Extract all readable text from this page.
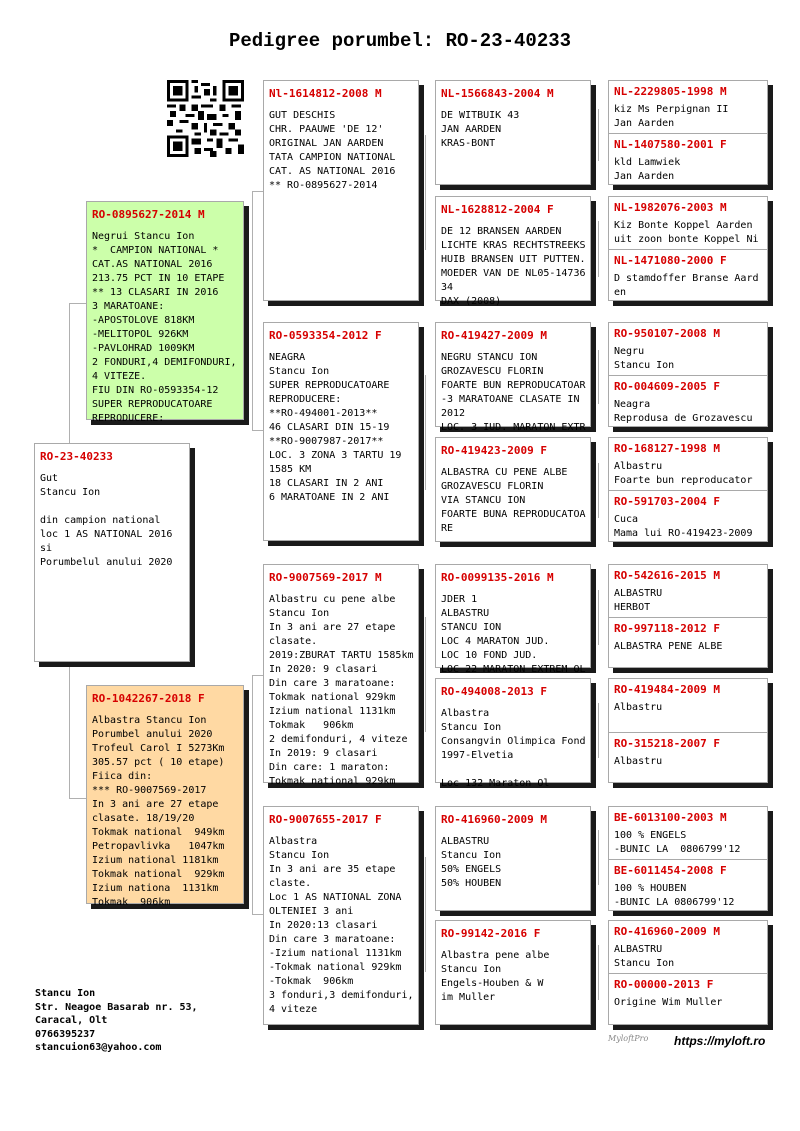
Pedigree porumbel: RO-23-40233
RO-23-40233
Gut
Stancu Ion

din campion national
loc 1 AS NATIONAL 2016
si
Porumbelul anului 2020
RO-0895627-2014 M
Negrui Stancu Ion
*  CAMPION NATIONAL *
CAT.AS NATIONAL 2016
213.75 PCT IN 10 ETAPE
** 13 CLASARI IN 2016
3 MARATOANE:
-APOSTOLOVE 818KM
-MELITOPOL 926KM
-PAVLOHRAD 1009KM
2 FONDURI,4 DEMIFONDURI,
4 VITEZE.
FIU DIN RO-0593354-12
SUPER REPRODUCATOARE
REPRODUCERE:
RO-1042267-2018 F
Albastra Stancu Ion
Porumbel anului 2020
Trofeul Carol I 5273Km
305.57 pct ( 10 etape)
Fiica din:
*** RO-9007569-2017
In 3 ani are 27 etape
clasate. 18/19/20
Tokmak national  949km
Petropavlivka   1047km
Izium national 1181km
Tokmak national  929km
Izium nationa  1131km
Tokmak  906km
Nl-1614812-2008 M
GUT DESCHIS
CHR. PAAUWE 'DE 12'
ORIGINAL JAN AARDEN
TATA CAMPION NATIONAL
CAT. AS NATIONAL 2016
** RO-0895627-2014
RO-0593354-2012 F
NEAGRA
Stancu Ion
SUPER REPRODUCATOARE
REPRODUCERE:
**RO-494001-2013**
46 CLASARI DIN 15-19
**RO-9007987-2017**
LOC. 3 ZONA 3 TARTU 19
1585 KM
18 CLASARI IN 2 ANI
6 MARATOANE IN 2 ANI
RO-9007569-2017 M
Albastru cu pene albe
Stancu Ion
In 3 ani are 27 etape
clasate.
2019:ZBURAT TARTU 1585km
In 2020: 9 clasari
Din care 3 maratoane:
Tokmak national 929km
Izium national 1131km
Tokmak   906km
2 demifonduri, 4 viteze
In 2019: 9 clasari
Din care: 1 maraton:
Tokmak national 929km
RO-9007655-2017 F
Albastra
Stancu Ion
In 3 ani are 35 etape
claste.
Loc 1 AS NATIONAL ZONA
OLTENIEI 3 ani
In 2020:13 clasari
Din care 3 maratoane:
-Izium national 1131km
-Tokmak national 929km
-Tokmak  906km
3 fonduri,3 demifonduri,
4 viteze
NL-1566843-2004 M
DE WITBUIK 43
JAN AARDEN
KRAS-BONT
NL-1628812-2004 F
DE 12 BRANSEN AARDEN
LICHTE KRAS RECHTSTREEKS
HUIB BRANSEN UIT PUTTEN.
MOEDER VAN DE NL05-14736
34
DAX (2008)
RO-419427-2009 M
NEGRU STANCU ION
GROZAVESCU FLORIN
FOARTE BUN REPRODUCATOAR
-3 MARATOANE CLASATE IN
2012
LOC. 3 IUD. MARATON EXTR
RO-419423-2009 F
ALBASTRA CU PENE ALBE
GROZAVESCU FLORIN
VIA STANCU ION
FOARTE BUNA REPRODUCATOA
RE
RO-0099135-2016 M
JDER 1
ALBASTRU
STANCU ION
LOC 4 MARATON JUD.
LOC 10 FOND JUD.
LOC 22 MARATON EXTREM OL
RO-494008-2013 F
Albastra
Stancu Ion
Consangvin Olimpica Fond
1997-Elvetia

Loc 132 Maraton Ol
RO-416960-2009 M
ALBASTRU
Stancu Ion
50% ENGELS
50% HOUBEN
RO-99142-2016 F
Albastra pene albe
Stancu Ion
Engels-Houben & W
im Muller
NL-2229805-1998 M
kiz Ms Perpignan II
Jan Aarden
NL-1407580-2001 F
kld Lamwiek
Jan Aarden
NL-1982076-2003 M
Kiz Bonte Koppel Aarden
uit zoon bonte Koppel Ni
NL-1471080-2000 F
D stamdoffer Branse Aard
en
RO-950107-2008 M
Negru
Stancu Ion
RO-004609-2005 F
Neagra
Reprodusa de Grozavescu
RO-168127-1998 M
Albastru
Foarte bun reproducator
RO-591703-2004 F
Cuca
Mama lui RO-419423-2009
RO-542616-2015 M
ALBASTRU
HERBOT
RO-997118-2012 F
ALBASTRA PENE ALBE
RO-419484-2009 M
Albastru
RO-315218-2007 F
Albastru
BE-6013100-2003 M
100 % ENGELS
-BUNIC LA  0806799'12
BE-6011454-2008 F
100 % HOUBEN
-BUNIC LA 0806799'12
RO-416960-2009 M
ALBASTRU
Stancu Ion
RO-00000-2013 F
Origine Wim Muller
Stancu Ion
Str. Neagoe Basarab nr. 53,
Caracal, Olt
0766395237
stancuion63@yahoo.com
MyloftPro https://myloft.ro
